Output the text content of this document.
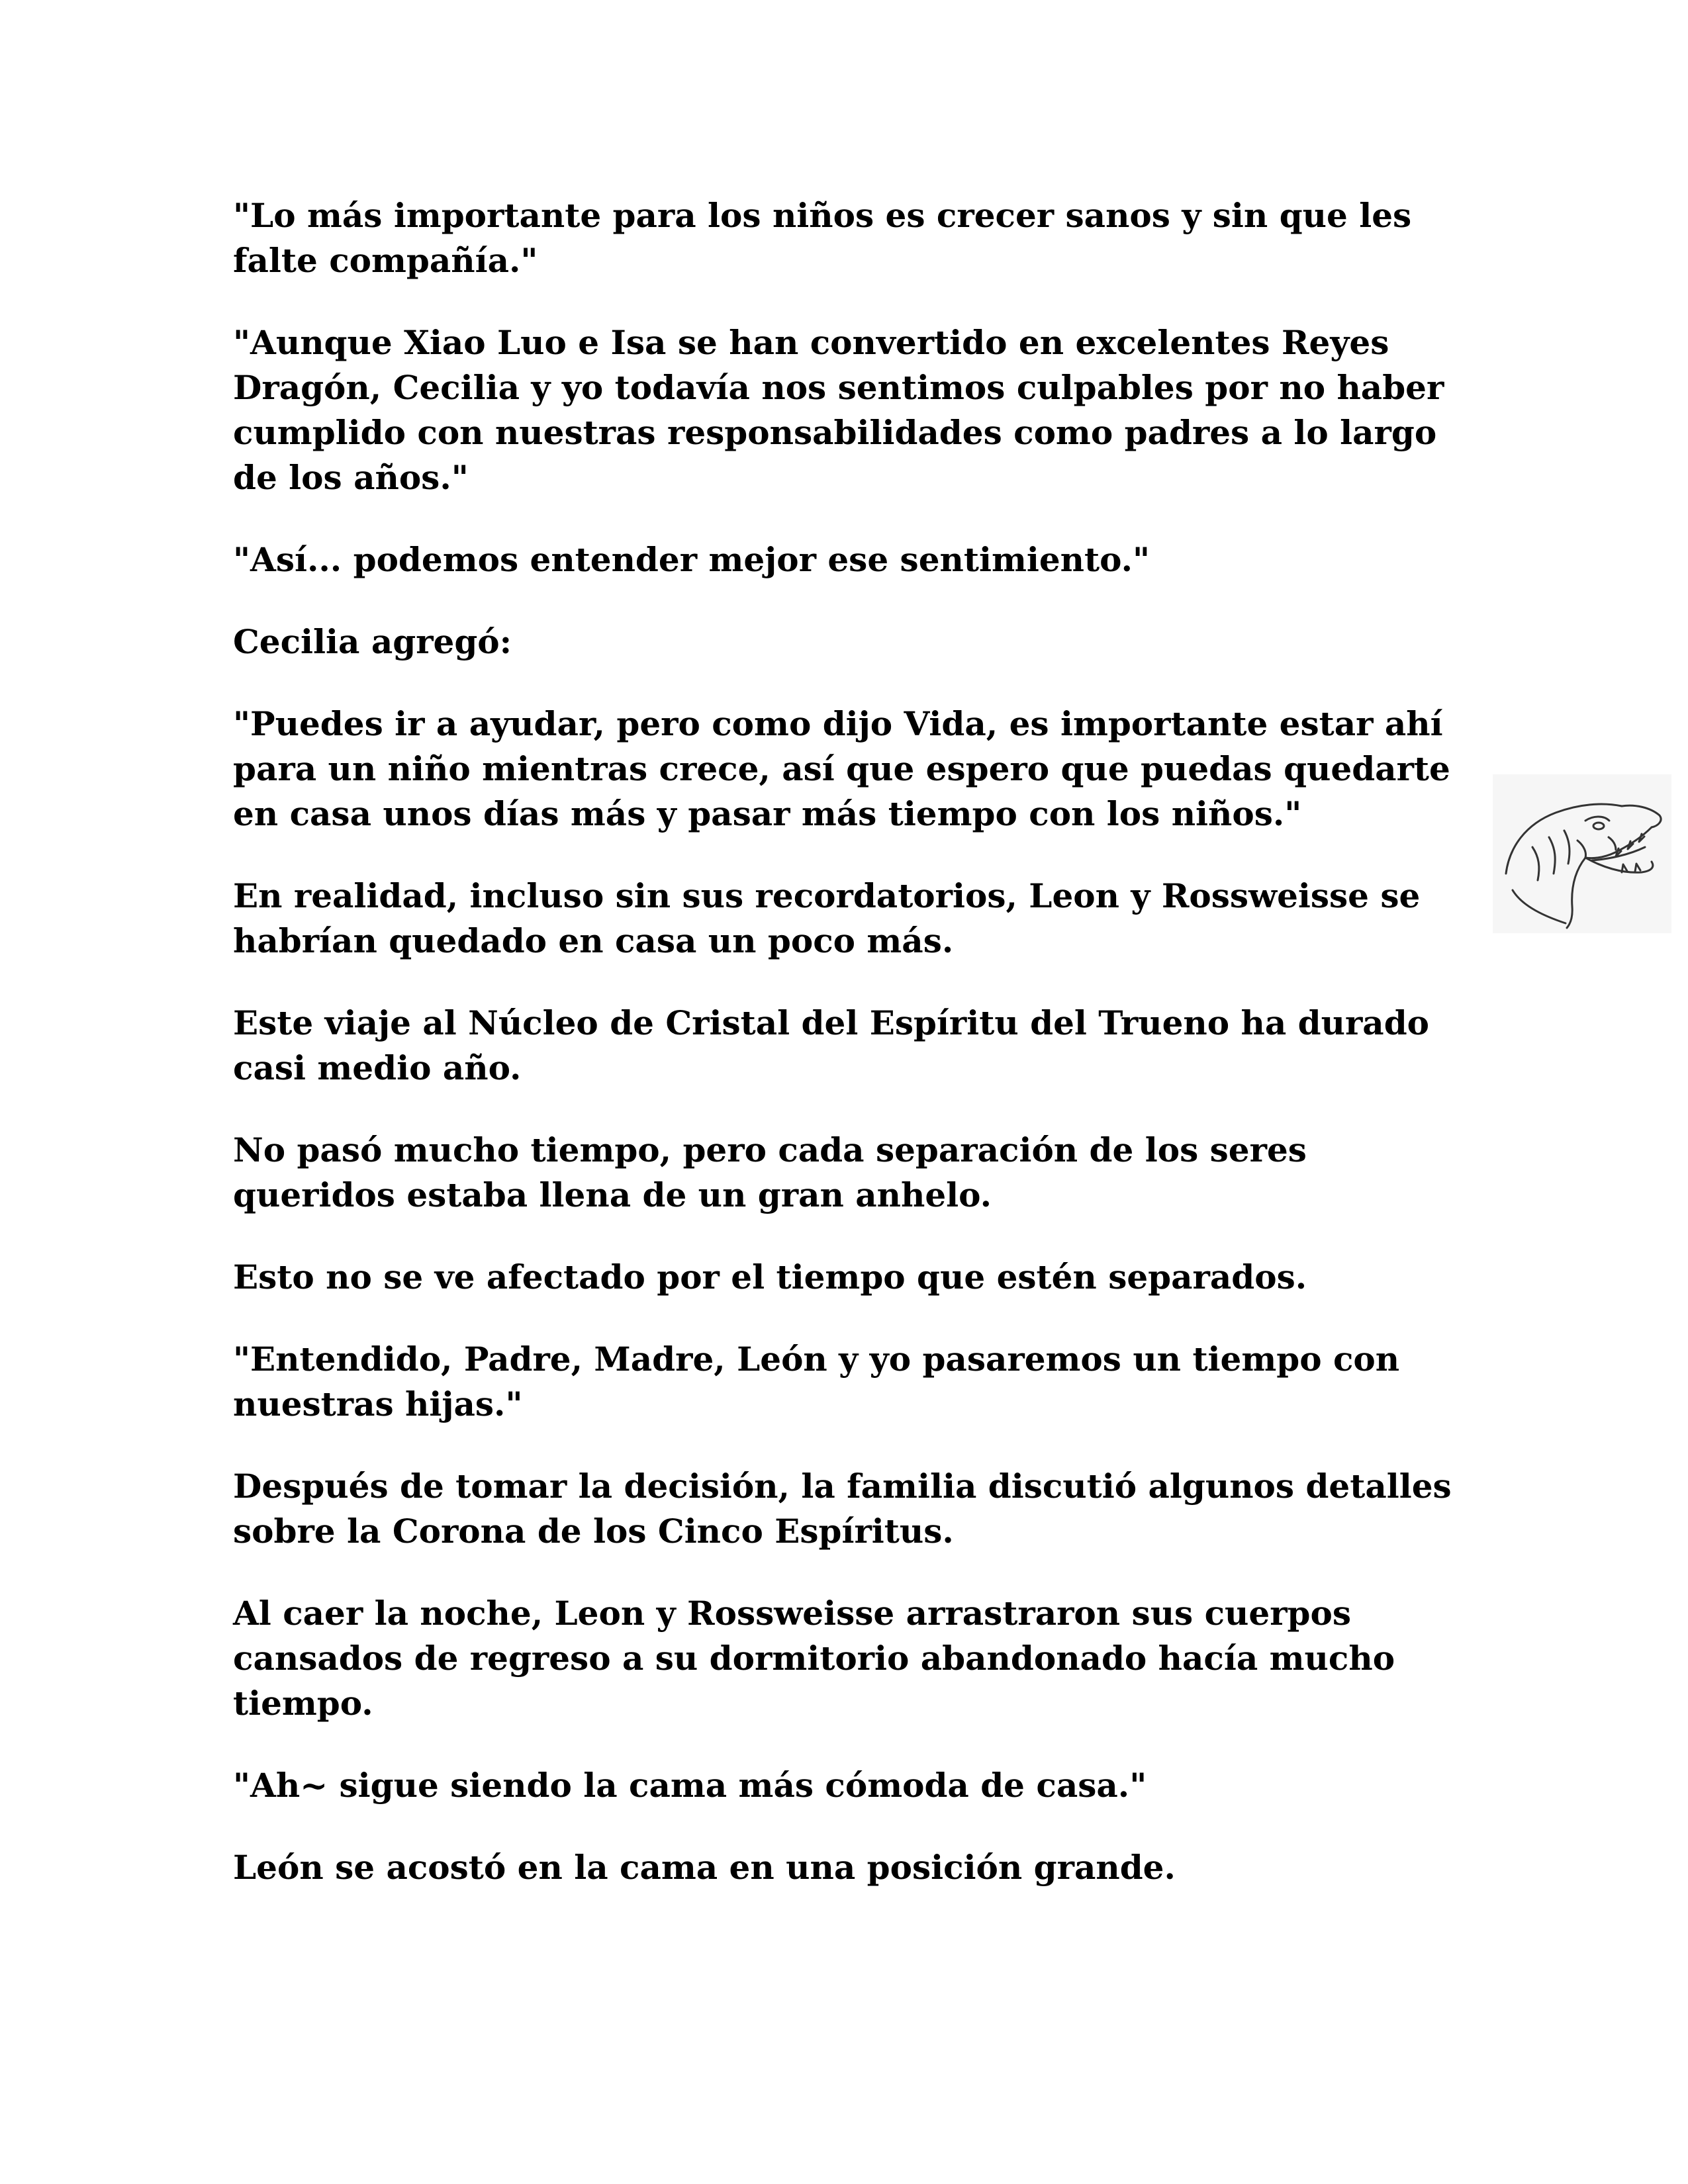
"Lo más importante para los niños es crecer sanos y sin que les falte compañía."

"Aunque Xiao Luo e Isa se han convertido en excelentes Reyes Dragón, Cecilia y yo todavía nos sentimos culpables por no haber cumplido con nuestras responsabilidades como padres a lo largo de los años."

"Así... podemos entender mejor ese sentimiento."

Cecilia agregó:

"Puedes ir a ayudar, pero como dijo Vida, es importante estar ahí para un niño mientras crece, así que espero que puedas quedarte en casa unos días más y pasar más tiempo con los niños."

En realidad, incluso sin sus recordatorios, Leon y Rossweisse se habrían quedado en casa un poco más.

Este viaje al Núcleo de Cristal del Espíritu del Trueno ha durado casi medio año.

No pasó mucho tiempo, pero cada separación de los seres queridos estaba llena de un gran anhelo.

Esto no se ve afectado por el tiempo que estén separados.

"Entendido, Padre, Madre, León y yo pasaremos un tiempo con nuestras hijas."

Después de tomar la decisión, la familia discutió algunos detalles sobre la Corona de los Cinco Espíritus.

Al caer la noche, Leon y Rossweisse arrastraron sus cuerpos cansados de regreso a su dormitorio abandonado hacía mucho tiempo.

"Ah~ sigue siendo la cama más cómoda de casa."

León se acostó en la cama en una posición grande.
